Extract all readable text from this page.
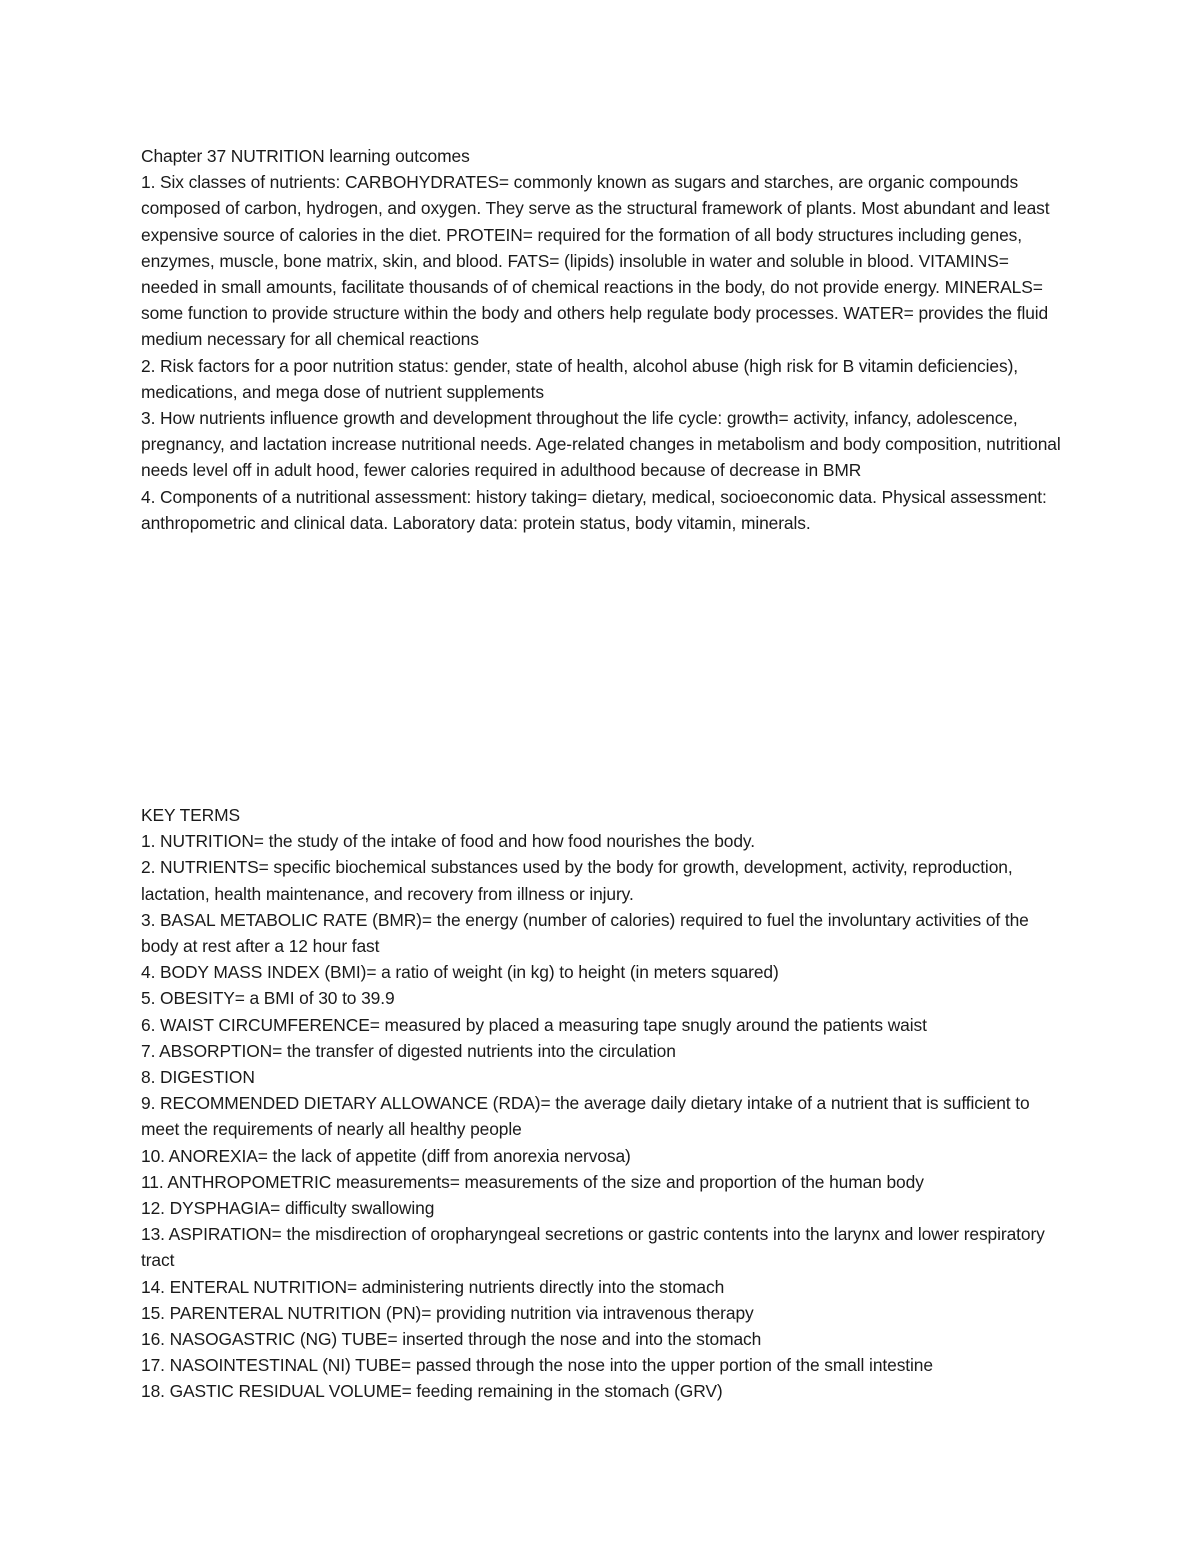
Chapter 37 NUTRITION learning outcomes

1. Six classes of nutrients: CARBOHYDRATES= commonly known as sugars and starches, are organic compounds composed of carbon, hydrogen, and oxygen. They serve as the structural framework of plants. Most abundant and least expensive source of calories in the diet. PROTEIN= required for the formation of all body structures including genes, enzymes, muscle, bone matrix, skin, and blood. FATS= (lipids) insoluble in water and soluble in blood. VITAMINS= needed in small amounts, facilitate thousands of of chemical reactions in the body, do not provide energy. MINERALS= some function to provide structure within the body and others help regulate body processes. WATER= provides the fluid medium necessary for all chemical reactions

2. Risk factors for a poor nutrition status: gender, state of health, alcohol abuse (high risk for B vitamin deficiencies), medications, and mega dose of nutrient supplements

3. How nutrients influence growth and development throughout the life cycle: growth= activity, infancy, adolescence, pregnancy, and lactation increase nutritional needs. Age-related changes in metabolism and body composition, nutritional needs level off in adult hood, fewer calories required in adulthood because of decrease in BMR

4. Components of a nutritional assessment: history taking= dietary, medical, socioeconomic data. Physical assessment: anthropometric and clinical data. Laboratory data: protein status, body vitamin, minerals.

KEY TERMS

1. NUTRITION= the study of the intake of food and how food nourishes the body.

2. NUTRIENTS= specific biochemical substances used by the body for growth, development, activity, reproduction, lactation, health maintenance, and recovery from illness or injury.

3. BASAL METABOLIC RATE (BMR)= the energy (number of calories) required to fuel the involuntary activities of the body at rest after a 12 hour fast

4. BODY MASS INDEX (BMI)= a ratio of weight (in kg) to height (in meters squared)

5. OBESITY= a BMI of 30 to 39.9

6. WAIST CIRCUMFERENCE= measured by placed a measuring tape snugly around the patients waist

7. ABSORPTION= the transfer of digested nutrients into the circulation

8. DIGESTION

9. RECOMMENDED DIETARY ALLOWANCE (RDA)= the average daily dietary intake of a nutrient that is sufficient to meet the requirements of nearly all healthy people

10. ANOREXIA= the lack of appetite (diff from anorexia nervosa)

11. ANTHROPOMETRIC measurements= measurements of the size and proportion of the human body

12. DYSPHAGIA= difficulty swallowing

13. ASPIRATION= the misdirection of oropharyngeal secretions or gastric contents into the larynx and lower respiratory tract

14. ENTERAL NUTRITION= administering nutrients directly into the stomach

15. PARENTERAL NUTRITION (PN)= providing nutrition via intravenous therapy

16. NASOGASTRIC (NG) TUBE= inserted through the nose and into the stomach

17. NASOINTESTINAL (NI) TUBE= passed through the nose into the upper portion of the small intestine

18. GASTIC RESIDUAL VOLUME= feeding remaining in the stomach (GRV)
